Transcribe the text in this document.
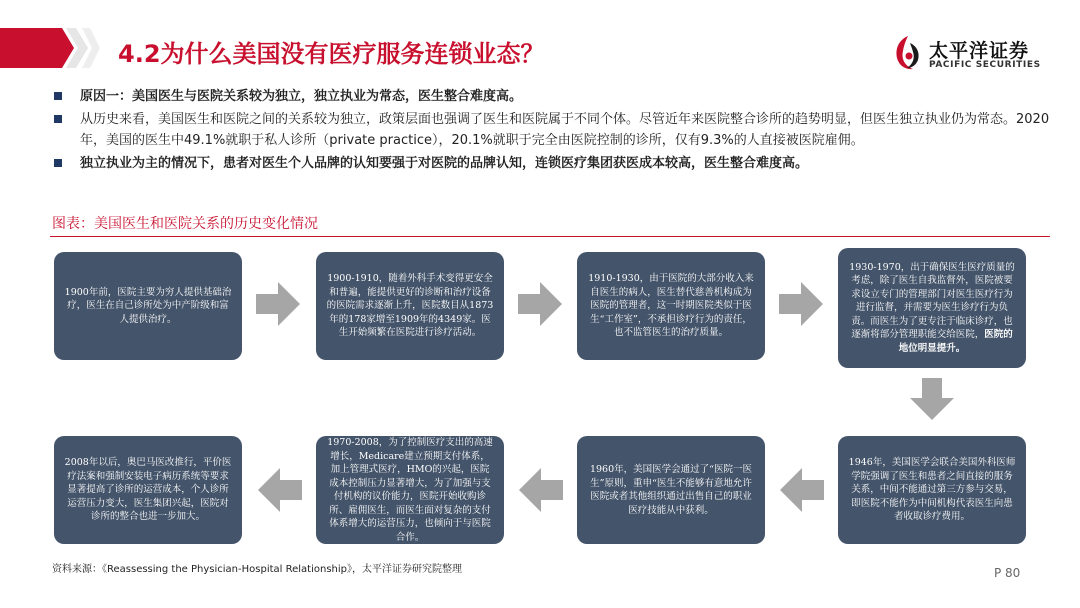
4.2为什么美国没有医疗服务连锁业态？	太平洋证券
PACIFIC SECURITIES
原因一：美国医生与医院关系较为独立，独立执业为常态，医生整合难度高。
从历史来看，美国医生和医院之间的关系较为独立，政策层面也强调了医生和医院属于不同个体。尽管近年来医院整合诊所的趋势明显，但医生独立执业仍为常态。2020年，美国的医生中49.1%就职于私人诊所（private practice），20.1%就职于完全由医院控制的诊所，仅有9.3%的人直接被医院雇佣。
独立执业为主的情况下，患者对医生个人品牌的认知要强于对医院的品牌认知，连锁医疗集团获医成本较高，医生整合难度高。
图表：美国医生和医院关系的历史变化情况
1900年前，医院主要为穷人提供基础治疗，医生在自己诊所处为中产阶级和富人提供治疗。
1900-1910，随着外科手术变得更安全和普遍，能提供更好的诊断和治疗设备的医院需求逐渐上升，医院数目从1873年的178家增至1909年的4349家。医生开始频繁在医院进行诊疗活动。
1910-1930，由于医院的大部分收入来自医生的病人，医生替代慈善机构成为医院的管理者，这一时期医院类似于医生“工作室”，不承担诊疗行为的责任，也不监管医生的治疗质量。
1930-1970，出于确保医生医疗质量的考虑，除了医生自我监督外，医院被要求设立专门的管理部门对医生医疗行为进行监督，并需要为医生诊疗行为负责。而医生为了更专注于临床诊疗，也逐渐将部分管理职能交给医院，医院的地位明显提升。
2008年以后，奥巴马医改推行，平价医疗法案和强制安装电子病历系统等要求显著提高了诊所的运营成本，个人诊所运营压力变大，医生集团兴起，医院对诊所的整合也进一步加大。
1970-2008，为了控制医疗支出的高速增长，Medicare建立预期支付体系，加上管理式医疗，HMO的兴起，医院成本控制压力显著增大，为了加强与支付机构的议价能力，医院开始收购诊所、雇佣医生，而医生面对复杂的支付体系增大的运营压力，也倾向于与医院合作。
1960年，美国医学会通过了“医院一医生”原则，重申“医生不能够有意地允许医院或者其他组织通过出售自己的职业医疗技能从中获利。
1946年，美国医学会联合美国外科医师学院强调了医生和患者之间直接的服务关系，中间不能通过第三方参与交易，即医院不能作为中间机构代表医生向患者收取诊疗费用。
资料来源：《Reassessing the Physician-Hospital Relationship》，太平洋证券研究院整理	P 80
